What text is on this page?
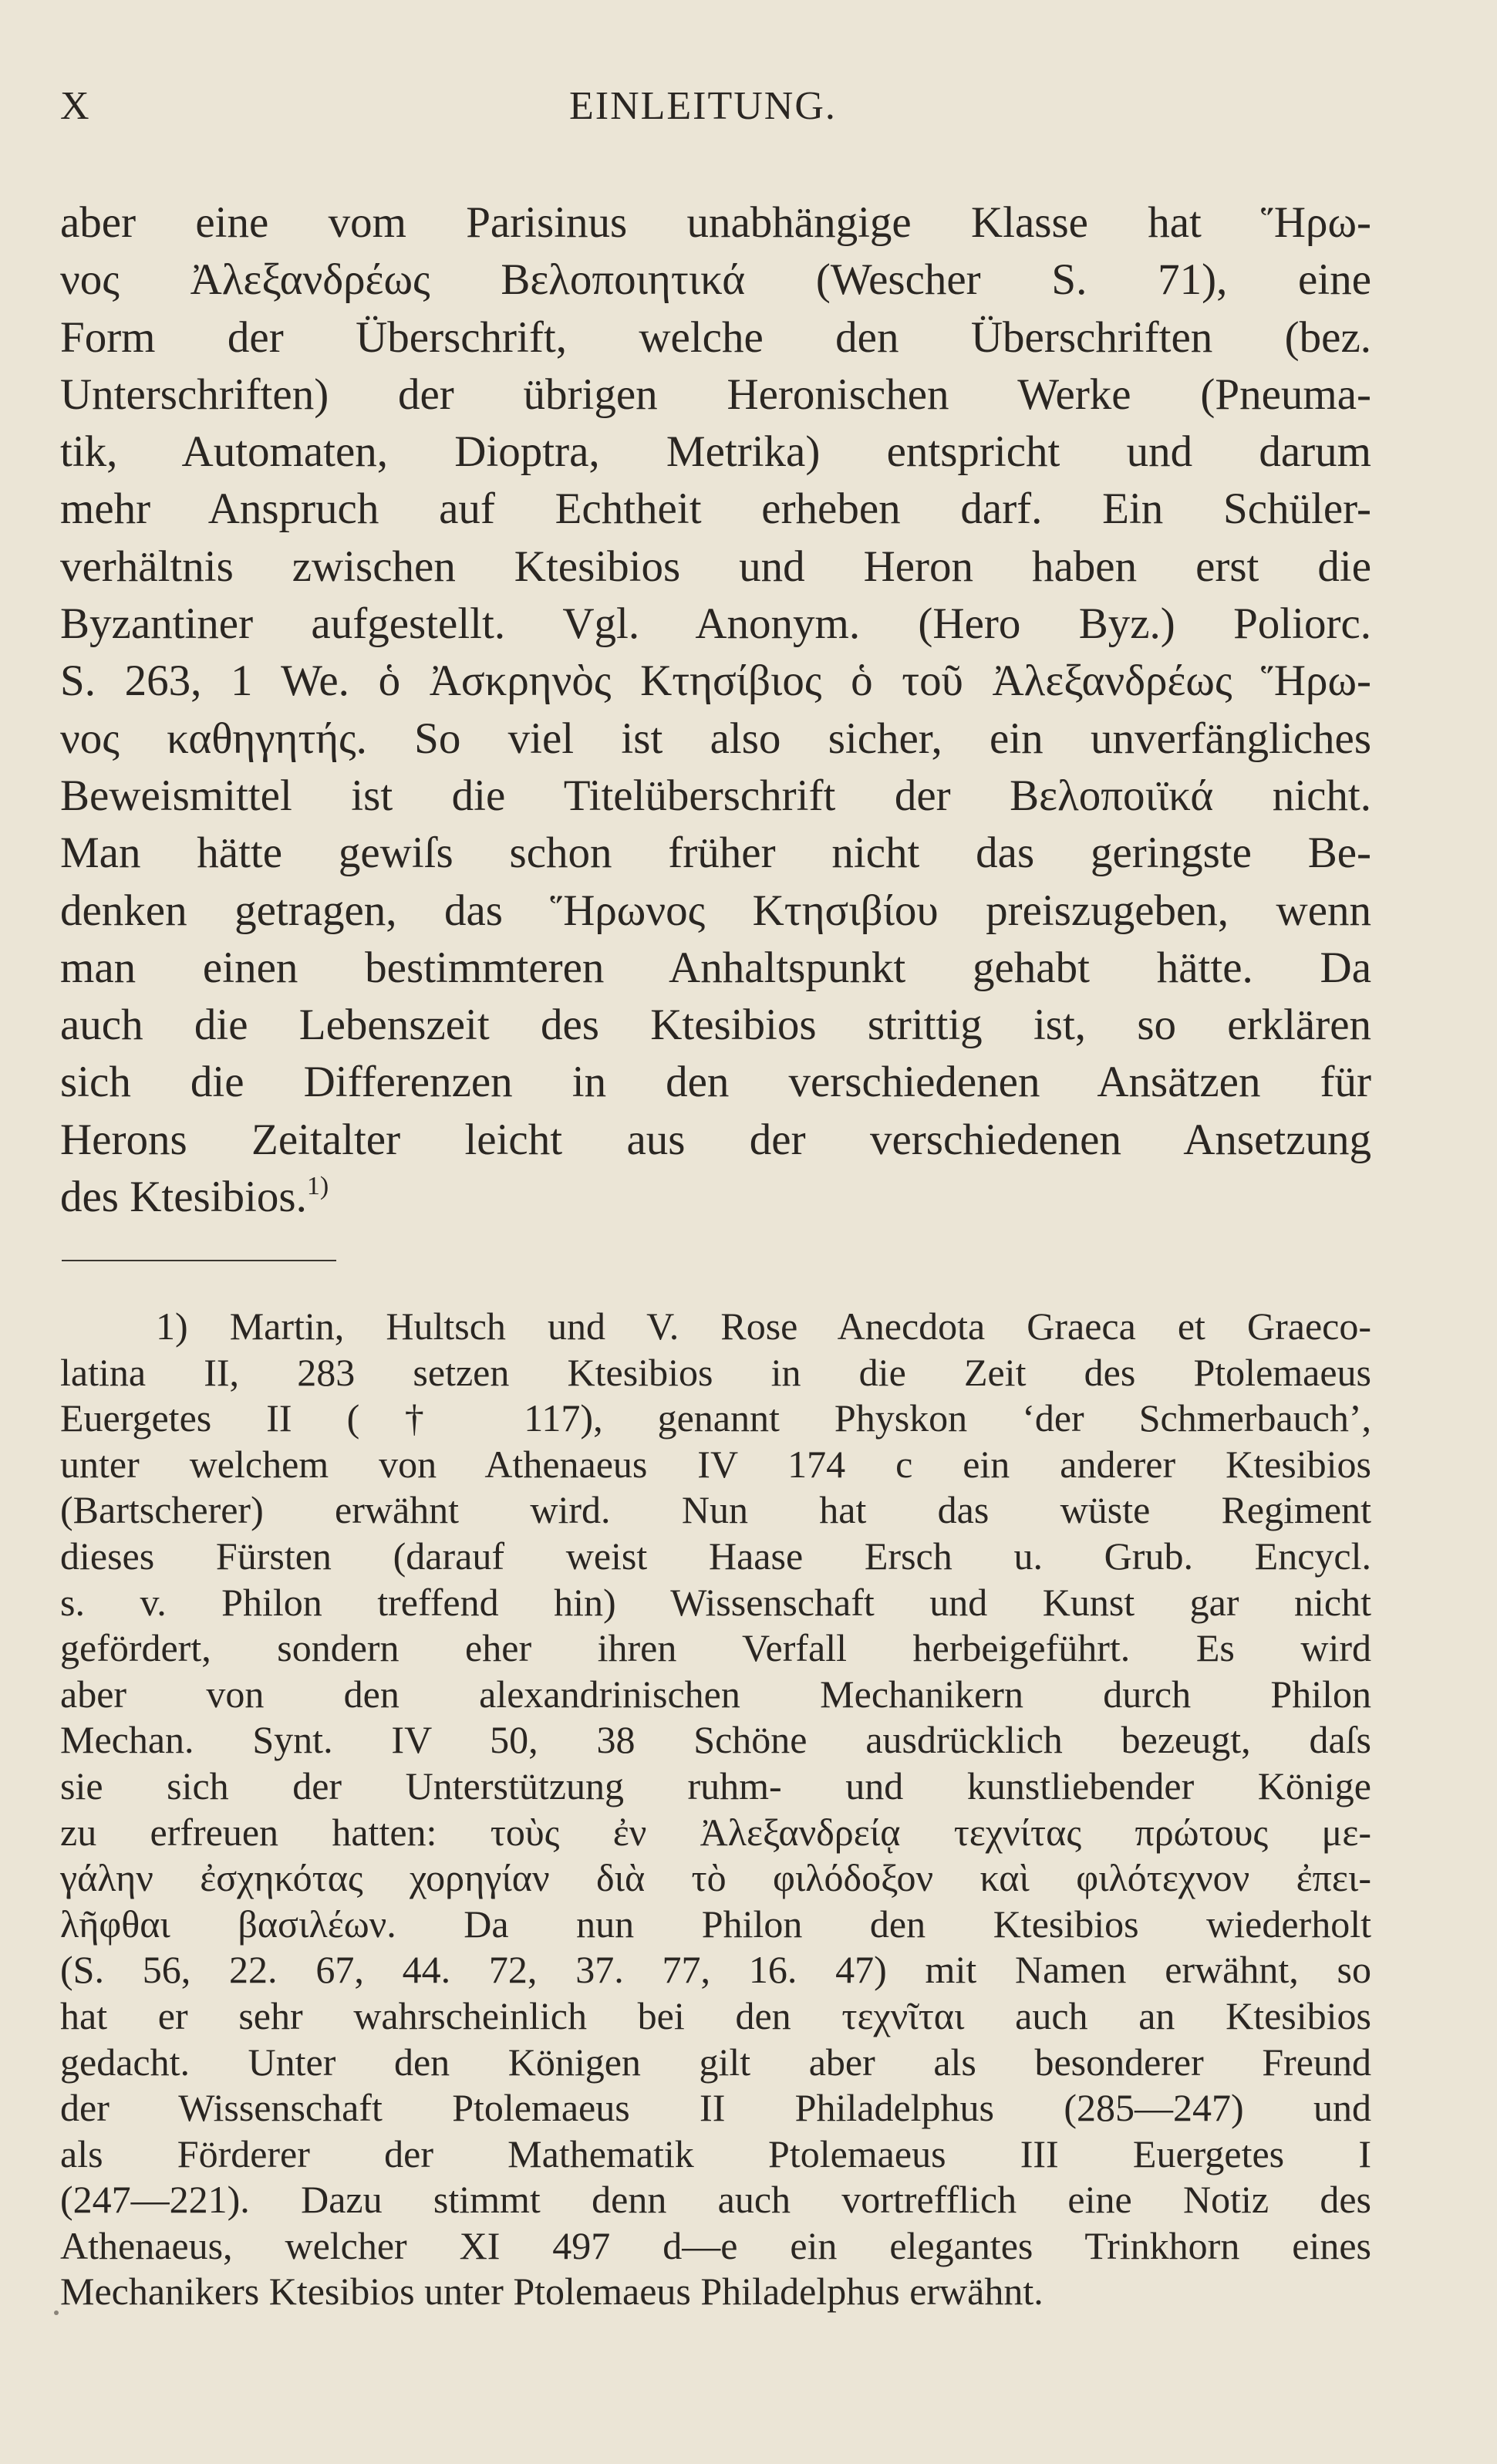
X	EINLEITUNG.
aber eine vom Parisinus unabhängige Klasse hat Ἥρω-
νος Ἀλεξανδρέως Βελοποιητικά (Wescher S. 71), eine
Form der Überschrift, welche den Überschriften (bez.
Unterschriften) der übrigen Heronischen Werke (Pneuma-
tik, Automaten, Dioptra, Metrika) entspricht und darum
mehr Anspruch auf Echtheit erheben darf. Ein Schüler-
verhältnis zwischen Ktesibios und Heron haben erst die
Byzantiner aufgestellt. Vgl. Anonym. (Hero Byz.) Poliorc.
S. 263, 1 We. ὁ Ἀσκρηνὸς Κτησίβιος ὁ τοῦ Ἀλεξανδρέως Ἥρω-
νος καθηγητής. So viel ist also sicher, ein unverfängliches
Beweismittel ist die Titelüberschrift der Βελοποιϊκά nicht.
Man hätte gewiſs schon früher nicht das geringste Be-
denken getragen, das Ἥρωνος Κτησιβίου preiszugeben, wenn
man einen bestimmteren Anhaltspunkt gehabt hätte. Da
auch die Lebenszeit des Ktesibios strittig ist, so erklären
sich die Differenzen in den verschiedenen Ansätzen für
Herons Zeitalter leicht aus der verschiedenen Ansetzung
des Ktesibios.$^{1)}$
1) Martin, Hultsch und V. Rose Anecdota Graeca et Graeco-
latina II, 283 setzen Ktesibios in die Zeit des Ptolemaeus
Euergetes II († 117), genannt Physkon ʻder Schmerbauchʼ,
unter welchem von Athenaeus IV 174 c ein anderer Ktesibios
(Bartscherer) erwähnt wird. Nun hat das wüste Regiment
dieses Fürsten (darauf weist Haase Ersch u. Grub. Encycl.
s. v. Philon treffend hin) Wissenschaft und Kunst gar nicht
gefördert, sondern eher ihren Verfall herbeigeführt. Es wird
aber von den alexandrinischen Mechanikern durch Philon
Mechan. Synt. IV 50, 38 Schöne ausdrücklich bezeugt, daſs
sie sich der Unterstützung ruhm- und kunstliebender Könige
zu erfreuen hatten: τοὺς ἐν Ἀλεξανδρείᾳ τεχνίτας πρώτους με-
γάλην ἐσχηκότας χορηγίαν διὰ τὸ φιλόδοξον καὶ φιλότεχνον ἐπει-
λῆφθαι βασιλέων. Da nun Philon den Ktesibios wiederholt
(S. 56, 22. 67, 44. 72, 37. 77, 16. 47) mit Namen erwähnt, so
hat er sehr wahrscheinlich bei den τεχνῖται auch an Ktesibios
gedacht. Unter den Königen gilt aber als besonderer Freund
der Wissenschaft Ptolemaeus II Philadelphus (285—247) und
als Förderer der Mathematik Ptolemaeus III Euergetes I
(247—221). Dazu stimmt denn auch vortrefflich eine Notiz des
Athenaeus, welcher XI 497 d—e ein elegantes Trinkhorn eines
Mechanikers Ktesibios unter Ptolemaeus Philadelphus erwähnt.
